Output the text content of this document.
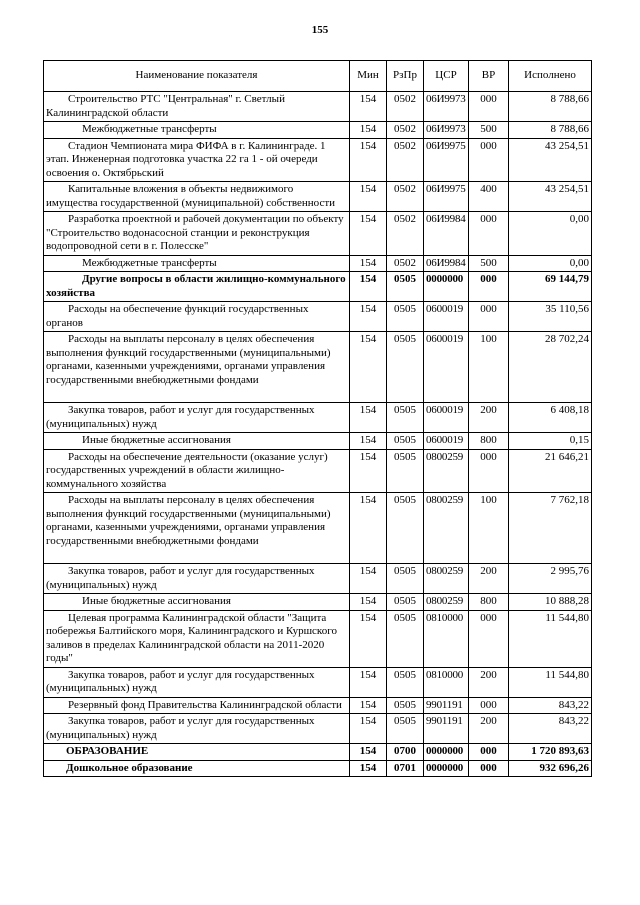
155
Наименование показателя	Мин	РзПр	ЦСР	ВР	Исполнено
Строительство РТС "Центральная" г. Светлый Калининградской области	154	0502	06И9973	000	8 788,66
Межбюджетные трансферты	154	0502	06И9973	500	8 788,66
Стадион Чемпионата мира ФИФА в г. Калининграде. 1 этап. Инженерная подготовка участка 22 га 1 - ой очереди освоения о. Октябрьский	154	0502	06И9975	000	43 254,51
Капитальные вложения в объекты недвижимого имущества государственной (муниципальной) собственности	154	0502	06И9975	400	43 254,51
Разработка проектной и рабочей документации по объекту "Строительство водонасосной станции и реконструкция водопроводной сети в г. Полесске"	154	0502	06И9984	000	0,00
Межбюджетные трансферты	154	0502	06И9984	500	0,00
Другие вопросы в области жилищно-коммунального хозяйства	154	0505	0000000	000	69 144,79
Расходы на обеспечение функций государственных органов	154	0505	0600019	000	35 110,56
Расходы на выплаты персоналу в целях обеспечения выполнения функций государственными (муниципальными) органами, казенными учреждениями, органами управления государственными внебюджетными фондами	154	0505	0600019	100	28 702,24
Закупка товаров, работ и услуг для государственных (муниципальных) нужд	154	0505	0600019	200	6 408,18
Иные бюджетные ассигнования	154	0505	0600019	800	0,15
Расходы на обеспечение деятельности (оказание услуг) государственных учреждений в области жилищно-коммунального хозяйства	154	0505	0800259	000	21 646,21
Расходы на выплаты персоналу в целях обеспечения выполнения функций государственными (муниципальными) органами, казенными учреждениями, органами управления государственными внебюджетными фондами	154	0505	0800259	100	7 762,18
Закупка товаров, работ и услуг для государственных (муниципальных) нужд	154	0505	0800259	200	2 995,76
Иные бюджетные ассигнования	154	0505	0800259	800	10 888,28
Целевая программа Калининградской области "Защита побережья Балтийского моря, Калининградского и Куршского заливов в пределах Калининградской области на 2011-2020 годы"	154	0505	0810000	000	11 544,80
Закупка товаров, работ и услуг для государственных (муниципальных) нужд	154	0505	0810000	200	11 544,80
Резервный фонд Правительства Калининградской области	154	0505	9901191	000	843,22
Закупка товаров, работ и услуг для государственных (муниципальных) нужд	154	0505	9901191	200	843,22
ОБРАЗОВАНИЕ	154	0700	0000000	000	1 720 893,63
Дошкольное образование	154	0701	0000000	000	932 696,26
